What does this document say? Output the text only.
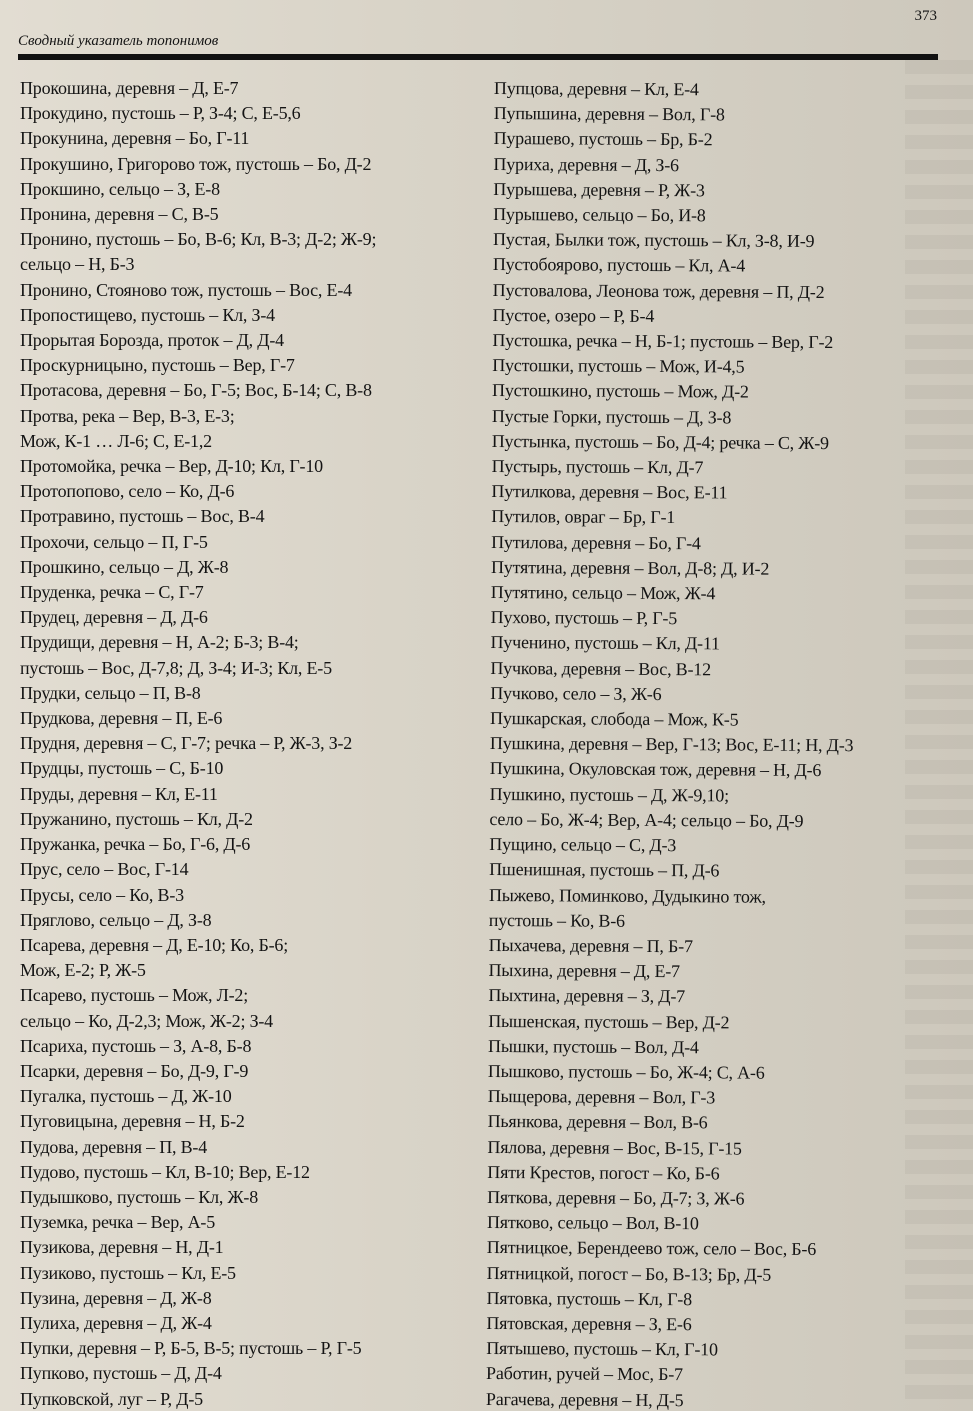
373
Сводный указатель топонимов
Прокошина, деревня – Д, Е-7
Прокудино, пустошь – Р, З-4; С, Е-5,6
Прокунина, деревня – Бо, Г-11
Прокушино, Григорово тож, пустошь – Бо, Д-2
Прокшино, сельцо – З, Е-8
Пронина, деревня – С, В-5
Пронино, пустошь – Бо, В-6; Кл, В-3; Д-2; Ж-9;
сельцо – Н, Б-3
Пронино, Стояново тож, пустошь – Вос, Е-4
Пропостищево, пустошь – Кл, З-4
Прорытая Борозда, проток – Д, Д-4
Проскурницыно, пустошь – Вер, Г-7
Протасова, деревня – Бо, Г-5; Вос, Б-14; С, В-8
Протва, река – Вер, В-3, Е-3;
Мож, К-1 … Л-6; С, Е-1,2
Протомойка, речка – Вер, Д-10; Кл, Г-10
Протопопово, село – Ко, Д-6
Протравино, пустошь – Вос, В-4
Прохочи, сельцо – П, Г-5
Прошкино, сельцо – Д, Ж-8
Пруденка, речка – С, Г-7
Прудец, деревня – Д, Д-6
Прудищи, деревня – Н, А-2; Б-3; В-4;
пустошь – Вос, Д-7,8; Д, З-4; И-3; Кл, Е-5
Прудки, сельцо – П, В-8
Прудкова, деревня – П, Е-6
Прудня, деревня – С, Г-7; речка – Р, Ж-3, З-2
Прудцы, пустошь – С, Б-10
Пруды, деревня – Кл, Е-11
Пружанино, пустошь – Кл, Д-2
Пружанка, речка – Бо, Г-6, Д-6
Прус, село – Вос, Г-14
Прусы, село – Ко, В-3
Пряглово, сельцо – Д, З-8
Псарева, деревня – Д, Е-10; Ко, Б-6;
Мож, Е-2; Р, Ж-5
Псарево, пустошь – Мож, Л-2;
сельцо – Ко, Д-2,3; Мож, Ж-2; З-4
Псариха, пустошь – З, А-8, Б-8
Псарки, деревня – Бо, Д-9, Г-9
Пугалка, пустошь – Д, Ж-10
Пуговицына, деревня – Н, Б-2
Пудова, деревня – П, В-4
Пудово, пустошь – Кл, В-10; Вер, Е-12
Пудышково, пустошь – Кл, Ж-8
Пуземка, речка – Вер, А-5
Пузикова, деревня – Н, Д-1
Пузиково, пустошь – Кл, Е-5
Пузина, деревня – Д, Ж-8
Пулиха, деревня – Д, Ж-4
Пупки, деревня – Р, Б-5, В-5; пустошь – Р, Г-5
Пупково, пустошь – Д, Д-4
Пупковской, луг – Р, Д-5
Пупцова, деревня – Кл, Е-4
Пупышина, деревня – Вол, Г-8
Пурашево, пустошь – Бр, Б-2
Пуриха, деревня – Д, З-6
Пурышева, деревня – Р, Ж-3
Пурышево, сельцо – Бо, И-8
Пустая, Былки тож, пустошь – Кл, З-8, И-9
Пустобоярово, пустошь – Кл, А-4
Пустовалова, Леонова тож, деревня – П, Д-2
Пустое, озеро – Р, Б-4
Пустошка, речка – Н, Б-1; пустошь – Вер, Г-2
Пустошки, пустошь – Мож, И-4,5
Пустошкино, пустошь – Мож, Д-2
Пустые Горки, пустошь – Д, З-8
Пустынка, пустошь – Бо, Д-4; речка – С, Ж-9
Пустырь, пустошь – Кл, Д-7
Путилкова, деревня – Вос, Е-11
Путилов, овраг – Бр, Г-1
Путилова, деревня – Бо, Г-4
Путятина, деревня – Вол, Д-8; Д, И-2
Путятино, сельцо – Мож, Ж-4
Пухово, пустошь – Р, Г-5
Пученино, пустошь – Кл, Д-11
Пучкова, деревня – Вос, В-12
Пучково, село – З, Ж-6
Пушкарская, слобода – Мож, К-5
Пушкина, деревня – Вер, Г-13; Вос, Е-11; Н, Д-3
Пушкина, Окуловская тож, деревня – Н, Д-6
Пушкино, пустошь – Д, Ж-9,10;
село – Бо, Ж-4; Вер, А-4; сельцо – Бо, Д-9
Пущино, сельцо – С, Д-3
Пшенишная, пустошь – П, Д-6
Пыжево, Поминково, Дудыкино тож,
пустошь – Ко, В-6
Пыхачева, деревня – П, Б-7
Пыхина, деревня – Д, Е-7
Пыхтина, деревня – З, Д-7
Пышенская, пустошь – Вер, Д-2
Пышки, пустошь – Вол, Д-4
Пышково, пустошь – Бо, Ж-4; С, А-6
Пыщерова, деревня – Вол, Г-3
Пьянкова, деревня – Вол, В-6
Пялова, деревня – Вос, В-15, Г-15
Пяти Крестов, погост – Ко, Б-6
Пяткова, деревня – Бо, Д-7; З, Ж-6
Пятково, сельцо – Вол, В-10
Пятницкое, Берендеево тож, село – Вос, Б-6
Пятницкой, погост – Бо, В-13; Бр, Д-5
Пятовка, пустошь – Кл, Г-8
Пятовская, деревня – З, Е-6
Пятышево, пустошь – Кл, Г-10
Работин, ручей – Мос, Б-7
Рагачева, деревня – Н, Д-5
